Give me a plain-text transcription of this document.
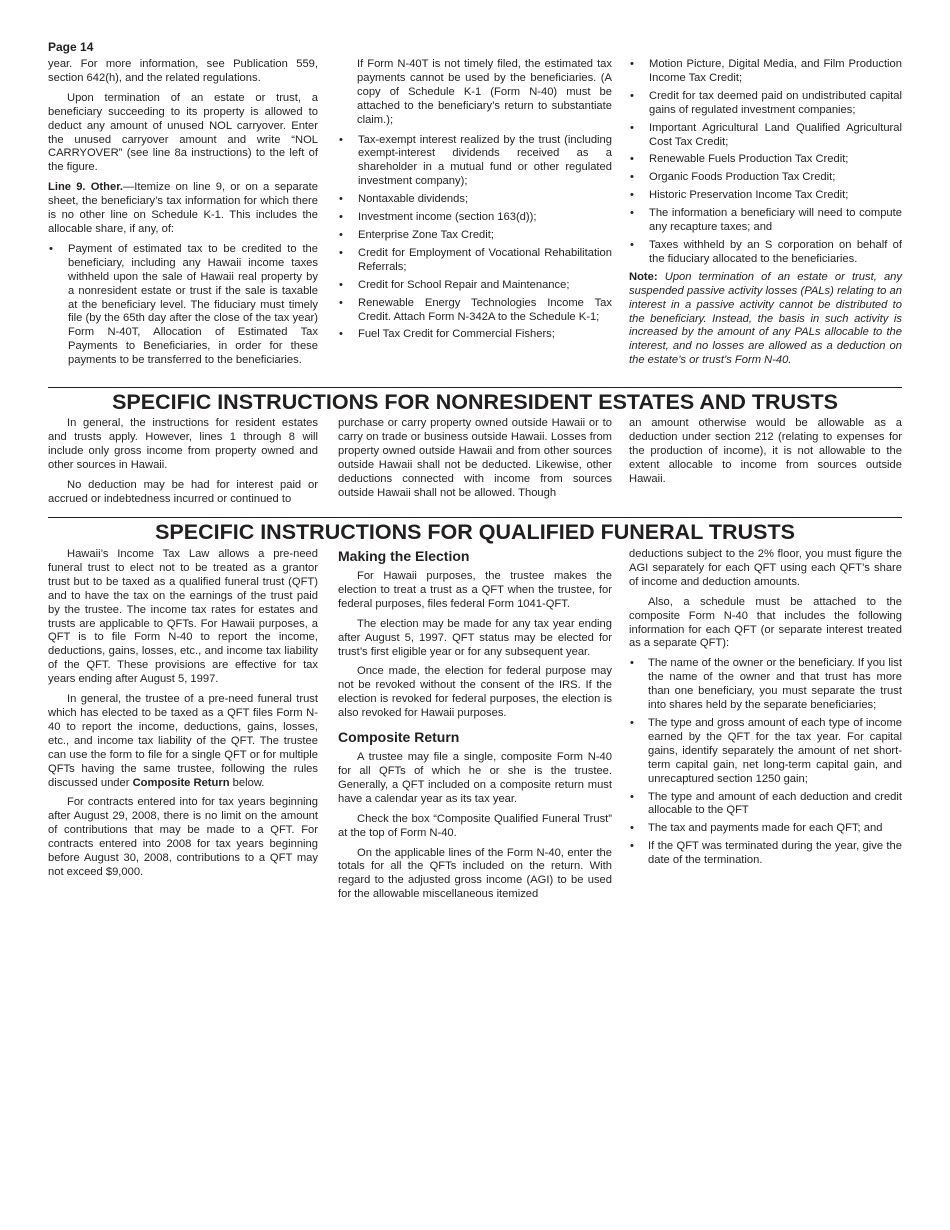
Page 14

year. For more information, see Publication 559, section 642(h), and the related regulations.

Upon termination of an estate or trust, a beneficiary succeeding to its property is allowed to deduct any amount of unused NOL carryover. Enter the unused carryover amount and write “NOL CARRYOVER” (see line 8a instructions) to the left of the figure.

Line 9. Other.—Itemize on line 9, or on a separate sheet, the beneficiary’s tax information for which there is no other line on Schedule K-1. This includes the allocable share, if any, of:

• Payment of estimated tax to be credited to the beneficiary, including any Hawaii income taxes withheld upon the sale of Hawaii real property by a nonresident estate or trust if the sale is taxable at the beneficiary level. The fiduciary must timely file (by the 65th day after the close of the tax year) Form N-40T, Allocation of Estimated Tax Payments to Beneficiaries, in order for these payments to be transferred to the beneficiaries.

If Form N-40T is not timely filed, the estimated tax payments cannot be used by the beneficiaries. (A copy of Schedule K-1 (Form N-40) must be attached to the beneficiary’s return to substantiate claim.);

• Tax-exempt interest realized by the trust (including exempt-interest dividends received as a shareholder in a mutual fund or other regulated investment company);
• Nontaxable dividends;
• Investment income (section 163(d));
• Enterprise Zone Tax Credit;
• Credit for Employment of Vocational Rehabilitation Referrals;
• Credit for School Repair and Maintenance;
• Renewable Energy Technologies Income Tax Credit. Attach Form N-342A to the Schedule K-1;
• Fuel Tax Credit for Commercial Fishers;
• Motion Picture, Digital Media, and Film Production Income Tax Credit;
• Credit for tax deemed paid on undistributed capital gains of regulated investment companies;
• Important Agricultural Land Qualified Agricultural Cost Tax Credit;
• Renewable Fuels Production Tax Credit;
• Organic Foods Production Tax Credit;
• Historic Preservation Income Tax Credit;
• The information a beneficiary will need to compute any recapture taxes; and
• Taxes withheld by an S corporation on behalf of the fiduciary allocated to the beneficiaries.

Note: Upon termination of an estate or trust, any suspended passive activity losses (PALs) relating to an interest in a passive activity cannot be distributed to the beneficiary. Instead, the basis in such activity is increased by the amount of any PALs allocable to the interest, and no losses are allowed as a deduction on the estate’s or trust’s Form N-40.

SPECIFIC INSTRUCTIONS FOR NONRESIDENT ESTATES AND TRUSTS

In general, the instructions for resident estates and trusts apply. However, lines 1 through 8 will include only gross income from property owned and other sources in Hawaii.

No deduction may be had for interest paid or accrued or indebtedness incurred or continued to

purchase or carry property owned outside Hawaii or to carry on trade or business outside Hawaii. Losses from property owned outside Hawaii and from other sources outside Hawaii shall not be deducted. Likewise, other deductions connected with income from sources outside Hawaii shall not be allowed. Though

an amount otherwise would be allowable as a deduction under section 212 (relating to expenses for the production of income), it is not allowable to the extent allocable to income from sources outside Hawaii.

SPECIFIC INSTRUCTIONS FOR QUALIFIED FUNERAL TRUSTS

Hawaii’s Income Tax Law allows a pre-need funeral trust to elect not to be treated as a grantor trust but to be taxed as a qualified funeral trust (QFT) and to have the tax on the earnings of the trust paid by the trustee. The income tax rates for estates and trusts are applicable to QFTs. For Hawaii purposes, a QFT is to file Form N-40 to report the income, deductions, gains, losses, etc., and income tax liability of the QFT. These provisions are effective for tax years ending after August 5, 1997.

In general, the trustee of a pre-need funeral trust which has elected to be taxed as a QFT files Form N-40 to report the income, deductions, gains, losses, etc., and income tax liability of the QFT. The trustee can use the form to file for a single QFT or for multiple QFTs having the same trustee, following the rules discussed under Composite Return below.

For contracts entered into for tax years beginning after August 29, 2008, there is no limit on the amount of contributions that may be made to a QFT. For contracts entered into 2008 for tax years beginning before August 30, 2008, contributions to a QFT may not exceed $9,000.

Making the Election

For Hawaii purposes, the trustee makes the election to treat a trust as a QFT when the trustee, for federal purposes, files federal Form 1041-QFT.

The election may be made for any tax year ending after August 5, 1997. QFT status may be elected for trust’s first eligible year or for any subsequent year.

Once made, the election for federal purpose may not be revoked without the consent of the IRS. If the election is revoked for federal purposes, the election is also revoked for Hawaii purposes.

Composite Return

A trustee may file a single, composite Form N-40 for all QFTs of which he or she is the trustee. Generally, a QFT included on a composite return must have a calendar year as its tax year.

Check the box “Composite Qualified Funeral Trust” at the top of Form N-40.

On the applicable lines of the Form N-40, enter the totals for all the QFTs included on the return. With regard to the adjusted gross income (AGI) to be used for the allowable miscellaneous itemized

deductions subject to the 2% floor, you must figure the AGI separately for each QFT using each QFT’s share of income and deduction amounts.

Also, a schedule must be attached to the composite Form N-40 that includes the following information for each QFT (or separate interest treated as a separate QFT):

• The name of the owner or the beneficiary. If you list the name of the owner and that trust has more than one beneficiary, you must separate the trust into shares held by the separate beneficiaries;
• The type and gross amount of each type of income earned by the QFT for the tax year. For capital gains, identify separately the amount of net short-term capital gain, net long-term capital gain, and unrecaptured section 1250 gain;
• The type and amount of each deduction and credit allocable to the QFT
• The tax and payments made for each QFT; and
• If the QFT was terminated during the year, give the date of the termination.
